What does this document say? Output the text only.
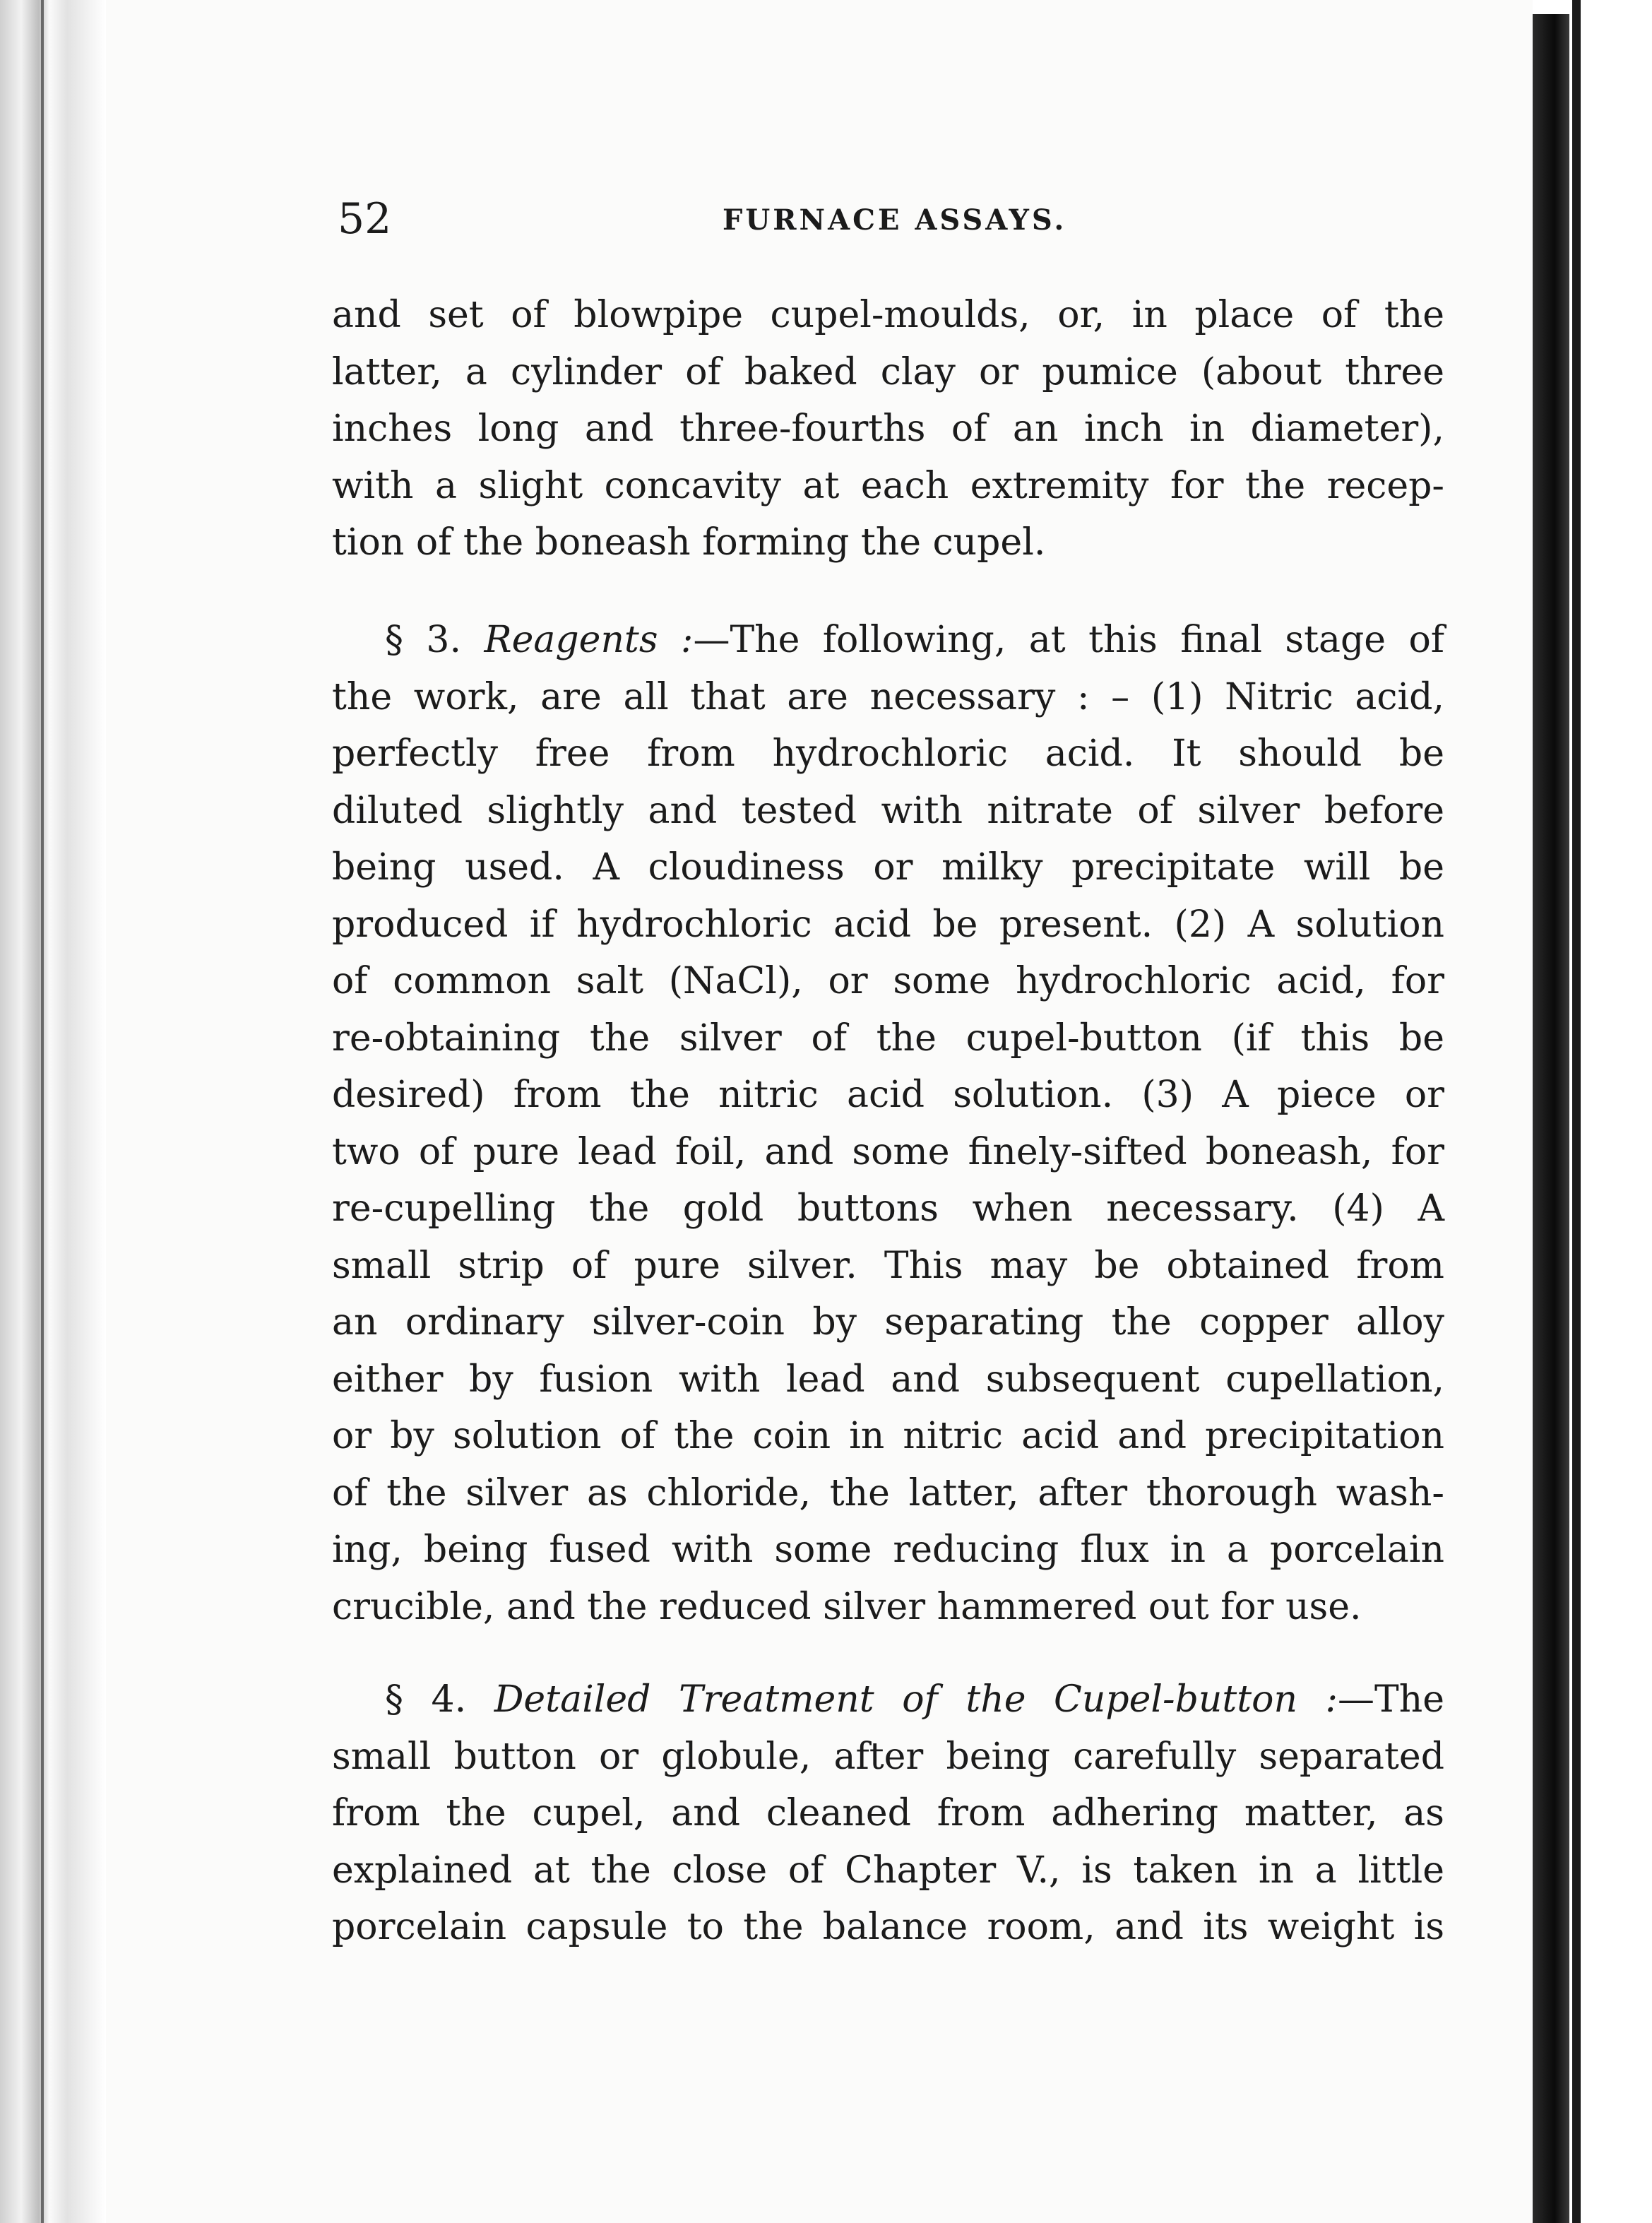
52	FURNACE ASSAYS.
and set of blowpipe cupel-moulds, or, in place of the
latter, a cylinder of baked clay or pumice (about three
inches long and three-fourths of an inch in diameter),
with a slight concavity at each extremity for the recep-
tion of the boneash forming the cupel.
§ 3. Reagents :—The following, at this final stage of
the work, are all that are necessary : – (1) Nitric acid,
perfectly free from hydrochloric acid. It should be
diluted slightly and tested with nitrate of silver before
being used. A cloudiness or milky precipitate will be
produced if hydrochloric acid be present. (2) A solution
of common salt (NaCl), or some hydrochloric acid, for
re-obtaining the silver of the cupel-button (if this be
desired) from the nitric acid solution. (3) A piece or
two of pure lead foil, and some finely-sifted boneash, for
re-cupelling the gold buttons when necessary. (4) A
small strip of pure silver. This may be obtained from
an ordinary silver-coin by separating the copper alloy
either by fusion with lead and subsequent cupellation,
or by solution of the coin in nitric acid and precipitation
of the silver as chloride, the latter, after thorough wash-
ing, being fused with some reducing flux in a porcelain
crucible, and the reduced silver hammered out for use.
§ 4. Detailed Treatment of the Cupel-button :—The
small button or globule, after being carefully separated
from the cupel, and cleaned from adhering matter, as
explained at the close of Chapter V., is taken in a little
porcelain capsule to the balance room, and its weight is
